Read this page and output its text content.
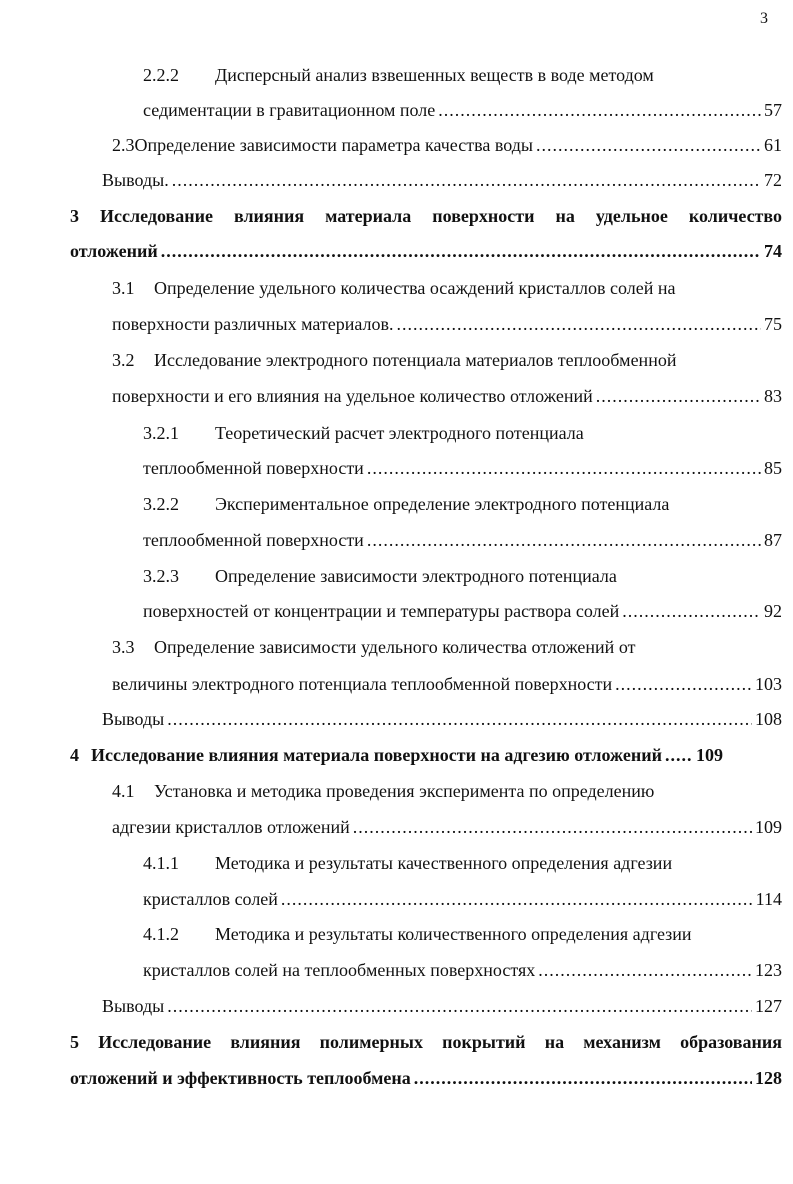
3
2.2.2 Дисперсный анализ взвешенных веществ в воде методом
седиментации в гравитационном поле .....	57
2.3 Определение зависимости параметра качества воды .....	61
Выводы. .....	72
3 Исследование влияния материала поверхности на удельное количество
отложений .....	74
3.1 Определение удельного количества осаждений кристаллов солей на
поверхности различных материалов. .....	75
3.2 Исследование электродного потенциала материалов теплообменной
поверхности и его влияния на удельное количество отложений .....	83
3.2.1 Теоретический расчет электродного потенциала
теплообменной поверхности .....	85
3.2.2 Экспериментальное определение электродного потенциала
теплообменной поверхности .....	87
3.2.3 Определение зависимости электродного потенциала
поверхностей от концентрации и температуры раствора солей .....	92
3.3 Определение зависимости удельного количества отложений от
величины электродного потенциала теплообменной поверхности .....	103
Выводы .....	108
4 Исследование влияния материала поверхности на адгезию отложений ..... 109
4.1 Установка и методика проведения эксперимента по определению
адгезии кристаллов отложений .....	109
4.1.1 Методика и результаты качественного определения адгезии
кристаллов солей .....	114
4.1.2 Методика и результаты количественного определения адгезии
кристаллов солей на теплообменных поверхностях .....	123
Выводы .....	127
5 Исследование влияния полимерных покрытий на механизм образования
отложений и эффективность теплообмена .....	128
